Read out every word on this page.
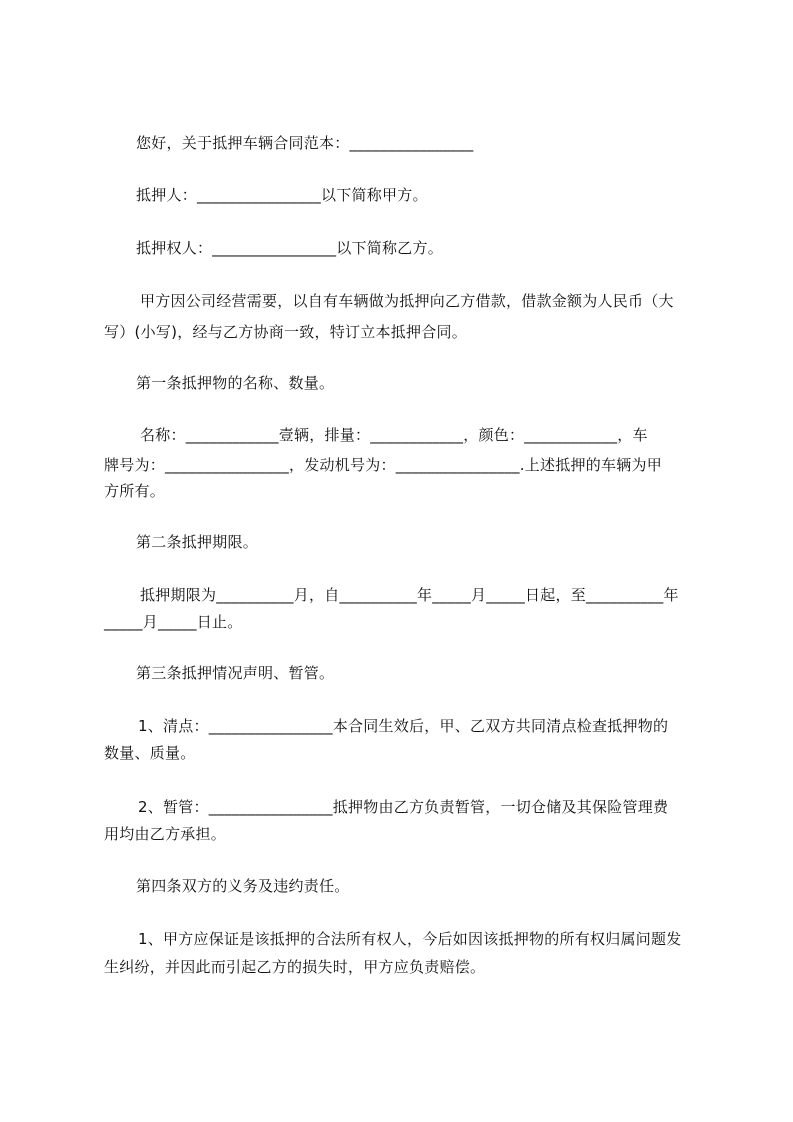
您好，关于抵押车辆合同范本：________________
抵押人：________________以下简称甲方。
抵押权人：________________以下简称乙方。
甲方因公司经营需要，以自有车辆做为抵押向乙方借款，借款金额为人民币（大
写）(小写)，经与乙方协商一致，特订立本抵押合同。
第一条抵押物的名称、数量。
名称：____________壹辆，排量：____________，颜色：____________，车
牌号为：________________，发动机号为：________________.上述抵押的车辆为甲
方所有。
第二条抵押期限。
抵押期限为__________月，自__________年_____月_____日起，至__________年
_____月_____日止。
第三条抵押情况声明、暂管。
1、清点：________________本合同生效后，甲、乙双方共同清点检查抵押物的
数量、质量。
2、暂管：________________抵押物由乙方负责暂管，一切仓储及其保险管理费
用均由乙方承担。
第四条双方的义务及违约责任。
1、甲方应保证是该抵押的合法所有权人，今后如因该抵押物的所有权归属问题发
生纠纷，并因此而引起乙方的损失时，甲方应负责赔偿。
